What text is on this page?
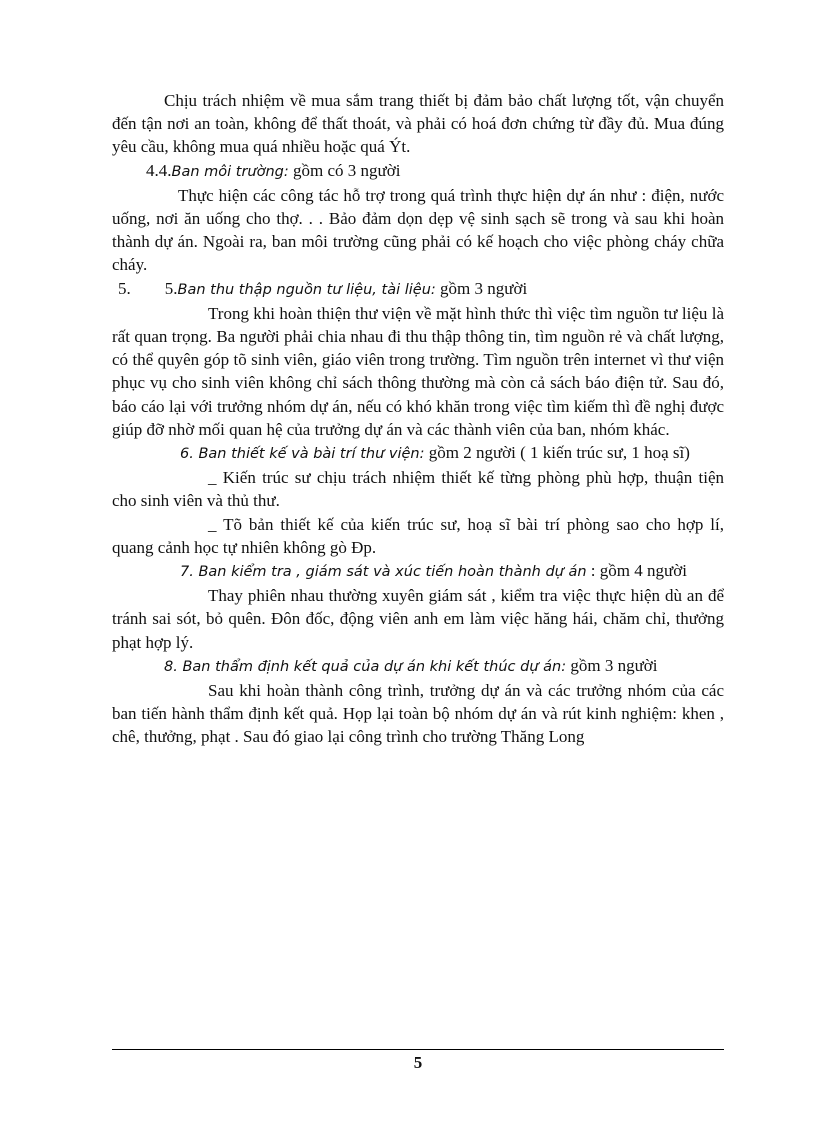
Chịu trách nhiệm về mua sắm trang thiết bị đảm bảo chất lượng tốt, vận chuyển đến tận nơi an toàn, không để thất thoát, và phải có hoá đơn chứng từ đầy đủ. Mua đúng yêu cầu, không mua quá nhiều hoặc quá Ýt.

4.4.Ban môi trường: gồm có 3 người

Thực hiện các công tác hỗ trợ trong quá trình thực hiện dự án như : điện, nước uống, nơi ăn uống cho thợ. . . Bảo đảm dọn dẹp vệ sinh sạch sẽ trong và sau khi hoàn thành dự án. Ngoài ra, ban môi trường cũng phải có kế hoạch cho việc phòng cháy chữa cháy.

5. 5.Ban thu thập nguồn tư liệu, tài liệu: gồm 3 người

Trong khi hoàn thiện thư viện về mặt hình thức thì việc tìm nguồn tư liệu là rất quan trọng. Ba người phải chia nhau đi thu thập thông tin, tìm nguồn rẻ và chất lượng, có thể quyên góp tõ sinh viên, giáo viên trong trường. Tìm nguồn trên internet vì thư viện phục vụ cho sinh viên không chỉ sách thông thường mà còn cả sách báo điện tử. Sau đó, báo cáo lại với trưởng nhóm dự án, nếu có khó khăn trong việc tìm kiếm thì đề nghị được giúp đỡ nhờ mối quan hệ của trưởng dự án và các thành viên của ban, nhóm khác.

6. Ban thiết kế và bài trí thư viện: gồm 2 người ( 1 kiến trúc sư, 1 hoạ sĩ)

_ Kiến trúc sư chịu trách nhiệm thiết kế từng phòng phù hợp, thuận tiện cho sinh viên và thủ thư.

_ Tõ bản thiết kế của kiến trúc sư, hoạ sĩ bài trí phòng sao cho hợp lí, quang cảnh học tự nhiên không gò Ðp.

7. Ban kiểm tra , giám sát và xúc tiến hoàn thành dự án : gồm 4 người

Thay phiên nhau thường xuyên giám sát , kiểm tra việc thực hiện dù an để tránh sai sót, bỏ quên. Đôn đốc, động viên anh em làm việc hăng hái, chăm chỉ, thưởng phạt hợp lý.

8. Ban thẩm định kết quả của dự án khi kết thúc dự án: gồm 3 người

Sau khi hoàn thành công trình, trưởng dự án và các trưởng nhóm của các ban tiến hành thẩm định kết quả. Họp lại toàn bộ nhóm dự án và rút kinh nghiệm: khen , chê, thưởng, phạt . Sau đó giao lại công trình cho trường Thăng Long

5
